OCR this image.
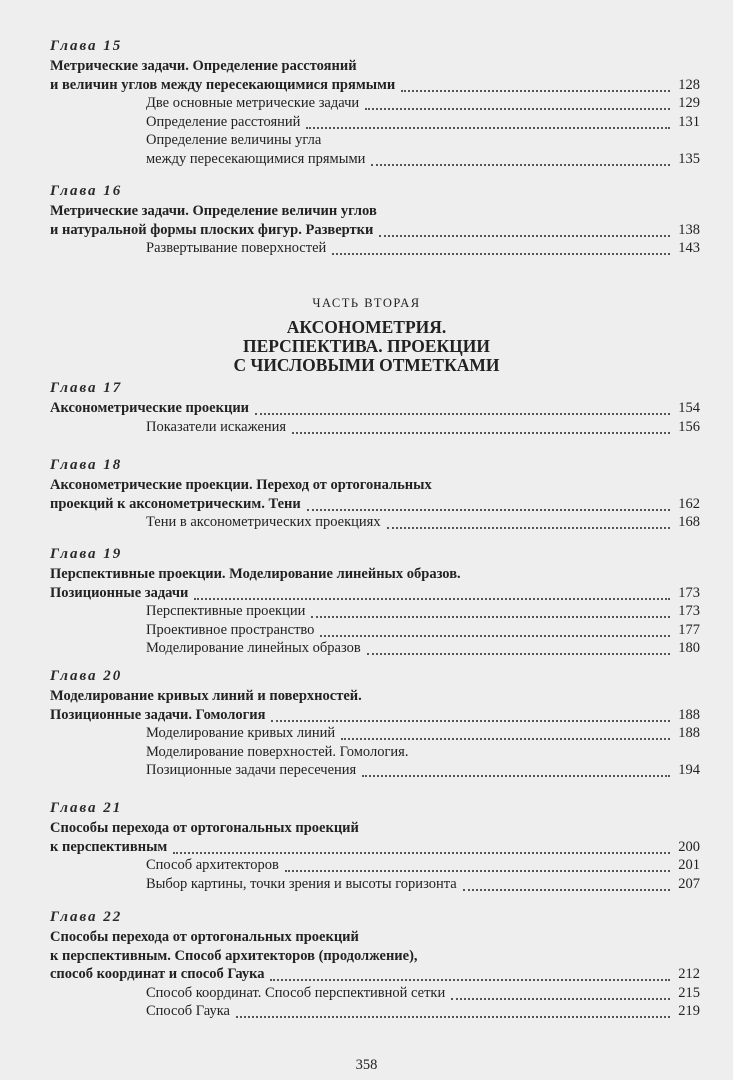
ЧАСТЬ ВТОРАЯ
АКСОНОМЕТРИЯ.
ПЕРСПЕКТИВА. ПРОЕКЦИИ
С ЧИСЛОВЫМИ ОТМЕТКАМИ
358
Глава 15
Метрические задачи. Определение расстояний
и величин углов между пересекающимися прямыми
Две основные метрические задачи
Определение расстояний
Определение величины угла
между пересекающимися прямыми
Глава 16
Метрические задачи. Определение величин углов
и натуральной формы плоских фигур. Развертки
Развертывание поверхностей
Глава 17
Аксонометрические проекции
Показатели искажения
Глава 18
Аксонометрические проекции. Переход от ортогональных
проекций к аксонометрическим. Тени
Тени в аксонометрических проекциях
Глава 19
Перспективные проекции. Моделирование линейных образов.
Позиционные задачи
Перспективные проекции
Проективное пространство
Моделирование линейных образов
Глава 20
Моделирование кривых линий и поверхностей.
Позиционные задачи. Гомология
Моделирование кривых линий
Моделирование поверхностей. Гомология.
Позиционные задачи пересечения
Глава 21
Способы перехода от ортогональных проекций
к перспективным
Способ архитекторов
Выбор картины, точки зрения и высоты горизонта
Глава 22
Способы перехода от ортогональных проекций
к перспективным. Способ архитекторов (продолжение),
способ координат и способ Гаука
Способ координат. Способ перспективной сетки
Способ Гаука
128
129
131
135
138
143
154
156
162
168
173
173
177
180
188
188
194
200
201
207
212
215
219
